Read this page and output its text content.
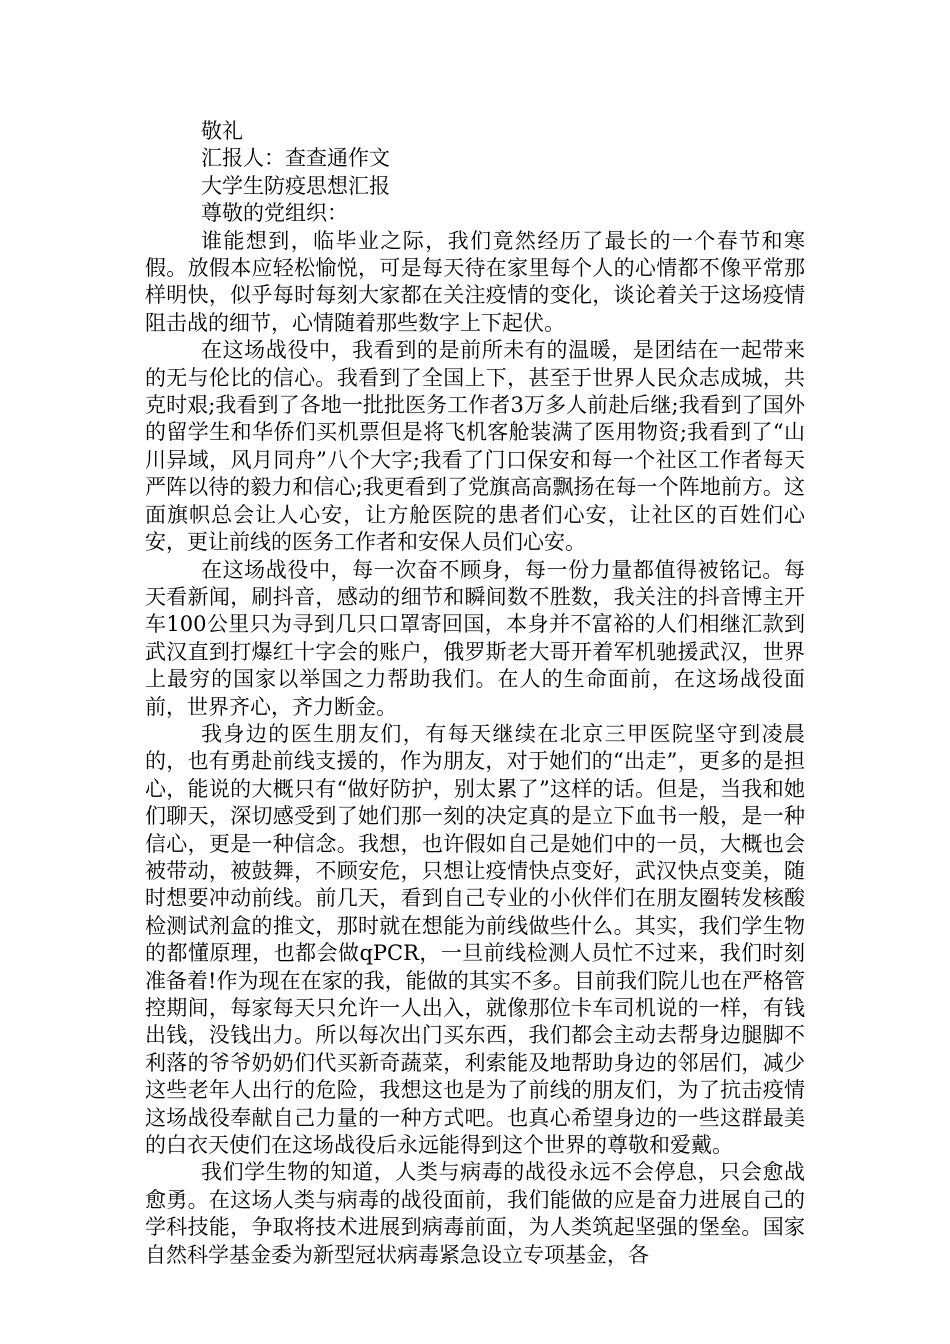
敬礼
汇报人：查查通作文
大学生防疫思想汇报
尊敬的党组织：

谁能想到，临毕业之际，我们竟然经历了最长的一个春节和寒假。放假本应轻松愉悦，可是每天待在家里每个人的心情都不像平常那样明快，似乎每时每刻大家都在关注疫情的变化，谈论着关于这场疫情阻击战的细节，心情随着那些数字上下起伏。

在这场战役中，我看到的是前所未有的温暖，是团结在一起带来的无与伦比的信心。我看到了全国上下，甚至于世界人民众志成城，共克时艰;我看到了各地一批批医务工作者3万多人前赴后继;我看到了国外的留学生和华侨们买机票但是将飞机客舱装满了医用物资;我看到了“山川异域，风月同舟”八个大字;我看了门口保安和每一个社区工作者每天严阵以待的毅力和信心;我更看到了党旗高高飘扬在每一个阵地前方。这面旗帜总会让人心安，让方舱医院的患者们心安，让社区的百姓们心安，更让前线的医务工作者和安保人员们心安。

在这场战役中，每一次奋不顾身，每一份力量都值得被铭记。每天看新闻，刷抖音，感动的细节和瞬间数不胜数，我关注的抖音博主开车100公里只为寻到几只口罩寄回国，本身并不富裕的人们相继汇款到武汉直到打爆红十字会的账户，俄罗斯老大哥开着军机驰援武汉，世界上最穷的国家以举国之力帮助我们。在人的生命面前，在这场战役面前，世界齐心，齐力断金。

我身边的医生朋友们，有每天继续在北京三甲医院坚守到凌晨的，也有勇赴前线支援的，作为朋友，对于她们的“出走”，更多的是担心，能说的大概只有“做好防护，别太累了”这样的话。但是，当我和她们聊天，深切感受到了她们那一刻的决定真的是立下血书一般，是一种信心，更是一种信念。我想，也许假如自己是她们中的一员，大概也会被带动，被鼓舞，不顾安危，只想让疫情快点变好，武汉快点变美，随时想要冲动前线。前几天，看到自己专业的小伙伴们在朋友圈转发核酸检测试剂盒的推文，那时就在想能为前线做些什么。其实，我们学生物的都懂原理，也都会做qPCR，一旦前线检测人员忙不过来，我们时刻准备着!作为现在在家的我，能做的其实不多。目前我们院儿也在严格管控期间，每家每天只允许一人出入，就像那位卡车司机说的一样，有钱出钱，没钱出力。所以每次出门买东西，我们都会主动去帮身边腿脚不利落的爷爷奶奶们代买新奇蔬菜，利索能及地帮助身边的邻居们，减少这些老年人出行的危险，我想这也是为了前线的朋友们，为了抗击疫情这场战役奉献自己力量的一种方式吧。也真心希望身边的一些这群最美的白衣天使们在这场战役后永远能得到这个世界的尊敬和爱戴。

我们学生物的知道，人类与病毒的战役永远不会停息，只会愈战愈勇。在这场人类与病毒的战役面前，我们能做的应是奋力进展自己的学科技能，争取将技术进展到病毒前面，为人类筑起坚强的堡垒。国家自然科学基金委为新型冠状病毒紧急设立专项基金，各
